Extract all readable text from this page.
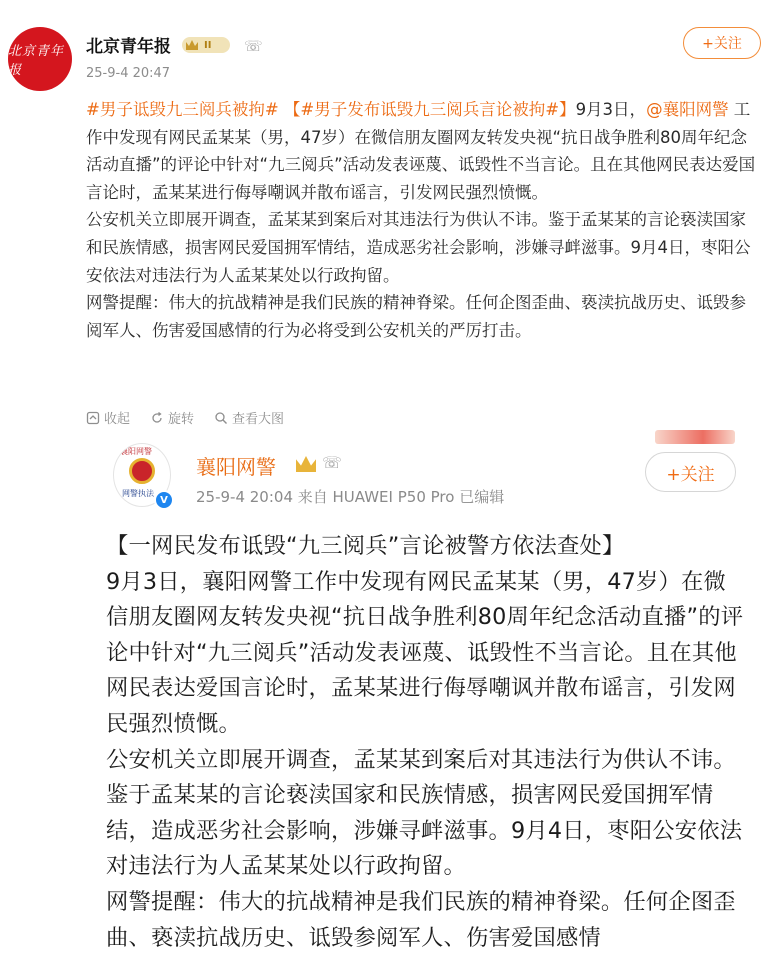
北京青年报
北京青年报	II ☏
25-9-4 20:47
+关注

#男子诋毁九三阅兵被拘# 【#男子发布诋毁九三阅兵言论被拘#】9月3日，@襄阳网警 工作中发现有网民孟某某（男，47岁）在微信朋友圈网友转发央视“抗日战争胜利80周年纪念活动直播”的评论中针对“九三阅兵”活动发表诬蔑、诋毁性不当言论。且在其他网民表达爱国言论时，孟某某进行侮辱嘲讽并散布谣言，引发网民强烈愤慨。

公安机关立即展开调查，孟某某到案后对其违法行为供认不讳。鉴于孟某某的言论亵渎国家和民族情感，损害网民爱国拥军情结，造成恶劣社会影响，涉嫌寻衅滋事。9月4日，枣阳公安依法对违法行为人孟某某处以行政拘留。

网警提醒：伟大的抗战精神是我们民族的精神脊梁。任何企图歪曲、亵渎抗战历史、诋毁参阅军人、伤害爱国感情的行为必将受到公安机关的严厉打击。

收起	旋转	查看大图
襄阳网警
网警执法
V
襄阳网警	☏
25-9-4 20:04 来自 HUAWEI P50 Pro 已编辑
+关注

【一网民发布诋毁“九三阅兵”言论被警方依法查处】

9月3日，襄阳网警工作中发现有网民孟某某（男，47岁）在微信朋友圈网友转发央视“抗日战争胜利80周年纪念活动直播”的评论中针对“九三阅兵”活动发表诬蔑、诋毁性不当言论。且在其他网民表达爱国言论时，孟某某进行侮辱嘲讽并散布谣言，引发网民强烈愤慨。

公安机关立即展开调查，孟某某到案后对其违法行为供认不讳。鉴于孟某某的言论亵渎国家和民族情感，损害网民爱国拥军情结，造成恶劣社会影响，涉嫌寻衅滋事。9月4日，枣阳公安依法对违法行为人孟某某处以行政拘留。

网警提醒：伟大的抗战精神是我们民族的精神脊梁。任何企图歪曲、亵渎抗战历史、诋毁参阅军人、伤害爱国感情
